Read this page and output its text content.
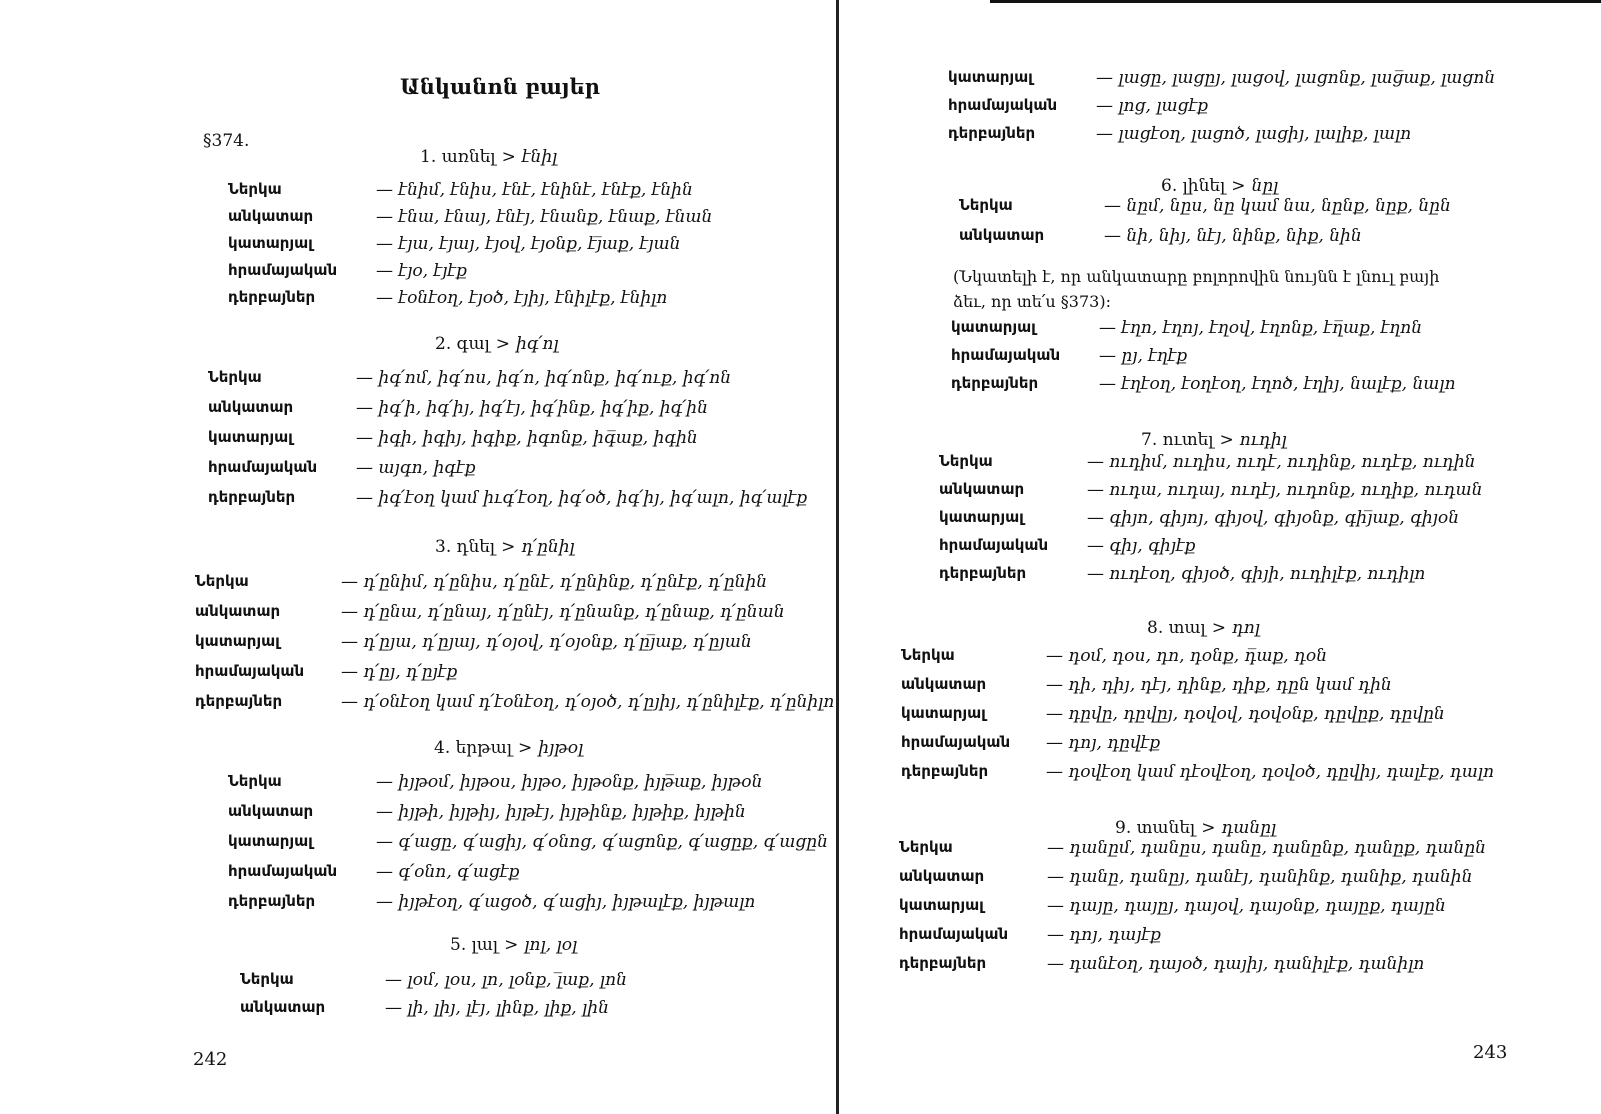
Անկանոն բայեր
§374.
1. առնել > էնիլ
Ներկա	— էնիմ, էնիս, էնէ, էնինէ, էնէք, էնին
անկատար	— էնա, էնայ, էնէյ, էնանք, էնաք, էնան
կատարյալ	— էյա, էյայ, էյօվ, էյօնք, էյ̅աք, էյան
հրամայական — էյօ, էյէք
դերբայներ	— էօնէօղ, էյօծ, էյիյ, էնիլէք, էնիլո
2. գալ > իգ՛ոլ
Ներկա	— իգ՛ոմ, իգ՛ոս, իգ՛ո, իգ՛ոնք, իգ՛ուք, իգ՛ոն
անկատար	— իգ՛ի, իգ՛իյ, իգ՛էյ, իգ՛ինք, իգ՛իք, իգ՛ին
կատարյալ	— իգի, իգիյ, իգիք, իգոնք, իգ̅աք, իգին
հրամայական — այգո, իգէք
դերբայներ	— իգ՛էօղ կամ իւգ՛էօղ, իգ՛օծ, իգ՛իյ, իգ՛ալո, իգ՛ալէք
3. դնել > դ՛ընիլ
Ներկա	— դ՛ընիմ, դ՛ընիս, դ՛ընէ, դ՛ընինք, դ՛ընէք, դ՛ընին
անկատար	— դ՛ընա, դ՛ընայ, դ՛ընէյ, դ՛ընանք, դ՛ընաք, դ՛ընան
կատարյալ	— դ՛ըյա, դ՛ըյայ, դ՛օյօվ, դ՛օյօնք, դ՛ըյ̅աք, դ՛ըյան
հրամայական — դ՛ըյ, դ՛ըյէք
դերբայներ	— դ՛օնէօղ կամ դ՛էօնէօղ, դ՛օյօծ, դ՛ըյիյ, դ՛ընիլէք, դ՛ընիլո
4. երթալ > իյթօլ
Ներկա	— իյթօմ, իյթօս, իյթօ, իյթօնք, իյթ̅աք, իյթօն
անկատար	— իյթի, իյթիյ, իյթէյ, իյթինք, իյթիք, իյթին
կատարյալ	— գ՛ացը, գ՛ացիյ, գ՛օնոց, գ՛ացոնք, գ՛ացըք, գ՛ացըն
հրամայական — գ՛օնո, գ՛ացէք
դերբայներ	— իյթէօղ, գ՛ացօծ, գ՛ացիյ, իյթալէք, իյթալո
5. լալ > լոլ, լօլ
Ներկա	— լօմ, լօս, լո, լօնք, լ̅աք, լոն
անկատար	— լի, լիյ, լէյ, լինք, լիք, լին
242
կատարյալ	— լացը, լացըյ, լացօվ, լացոնք, լաց̅աք, լացոն
հրամայական — լոց, լացէք
դերբայներ	— լացէօղ, լացոծ, լացիյ, լալիք, լալո
6. լինել > նըլ
Ներկա	— նըմ, նըս, նը կամ նա, նընք, նըք, նըն
անկատար	— նի, նիյ, նէյ, նինք, նիք, նին
կատարյալ	— էղո, էղոյ, էղօվ, էղոնք, էղ̅աք, էղոն
հրամայական — ըյ, էղէք
դերբայներ	— էղէօղ, էօղէօղ, էղոծ, էղիյ, նալէք, նալո
7. ուտել > ուդիլ
Ներկա	— ուդիմ, ուդիս, ուդէ, ուդինք, ուդէք, ուդին
անկատար	— ուդա, ուդայ, ուդէյ, ուդոնք, ուդիք, ուդան
կատարյալ	— գիյո, գիյոյ, գիյօվ, գիյօնք, գիյ̅աք, գիյօն
հրամայական — գիյ, գիյէք
դերբայներ	— ուդէօղ, գիյօծ, գիյի, ուդիլէք, ուդիլո
8. տալ > դոլ
Ներկա	— դօմ, դօս, դո, դօնք, դ̅աք, դօն
անկատար	— դի, դիյ, դէյ, դինք, դիք, դըն կամ դին
կատարյալ	— դըվը, դըվըյ, դօվօվ, դօվօնք, դըվըք, դըվըն
հրամայական — դոյ, դըվէք
դերբայներ	— դօվէօղ կամ դէօվէօղ, դօվօծ, դըվիյ, դալէք, դալո
9. տանել > դանըլ
Ներկա	— դանըմ, դանըս, դանը, դանընք, դանըք, դանըն
անկատար	— դանը, դանըյ, դանէյ, դանինք, դանիք, դանին
կատարյալ	— դայը, դայըյ, դայօվ, դայօնք, դայըք, դայըն
հրամայական — դոյ, դայէք
դերբայներ	— դանէօղ, դայօծ, դայիյ, դանիլէք, դանիլո
(Նկատելի է, որ անկատարը բոլորովին նույնն է լնուլ բայի ձեւ, որ տե՛ս §373):
243
